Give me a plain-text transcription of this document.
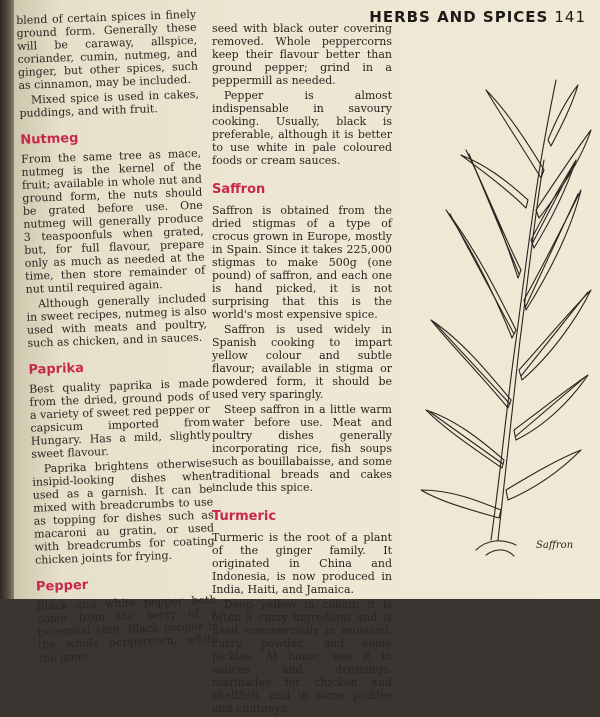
HERBS AND SPICES 141

blend of certain spices in finely ground form. Generally these will be caraway, allspice, coriander, cumin, nutmeg, and ginger, but other spices, such as cinnamon, may be included.

Mixed spice is used in cakes, puddings, and with fruit.

Nutmeg

From the same tree as mace, nutmeg is the kernel of the fruit; available in whole nut and ground form, the nuts should be grated before use. One nutmeg will generally produce 3 teaspoonfuls when grated, but, for full flavour, prepare only as much as needed at the time, then store remainder of nut until required again.

Although generally included in sweet recipes, nutmeg is also used with meats and poultry, such as chicken, and in sauces.

Paprika

Best quality paprika is made from the dried, ground pods of a variety of sweet red pepper or capsicum imported from Hungary. Has a mild, slightly sweet flavour.

Paprika brightens otherwise insipid-looking dishes when used as a garnish. It can be mixed with breadcrumbs to use as topping for dishes such as macaroni au gratin, or used with breadcrumbs for coating chicken joints for frying.

Pepper

Black and white pepper both come from the berry of a perennial vine. Black pepper is the whole peppercorn, white the inner

seed with black outer covering removed. Whole peppercorns keep their flavour better than ground pepper; grind in a peppermill as needed.

Pepper is almost indispensable in savoury cooking. Usually, black is preferable, although it is better to use white in pale coloured foods or cream sauces.

Saffron

Saffron is obtained from the dried stigmas of a type of crocus grown in Europe, mostly in Spain. Since it takes 225,000 stigmas to make 500g (one pound) of saffron, and each one is hand picked, it is not surprising that this is the world's most expensive spice.

Saffron is used widely in Spanish cooking to impart yellow colour and subtle flavour; available in stigma or powdered form, it should be used very sparingly.

Steep saffron in a little warm water before use. Meat and poultry dishes generally incorporating rice, fish soups such as bouillabaisse, and some traditional breads and cakes include this spice.

Turmeric

Turmeric is the root of a plant of the ginger family. It originated in China and Indonesia, is now produced in India, Haiti, and Jamaica.

Deep yellow in colour, it is often a curry ingredient and is used commercially in mustard, curry powder, and some pickles. At home, use it in sauces and dressings, marinades for chicken and shellfish, and in some pickles and chutneys.

Saffron
